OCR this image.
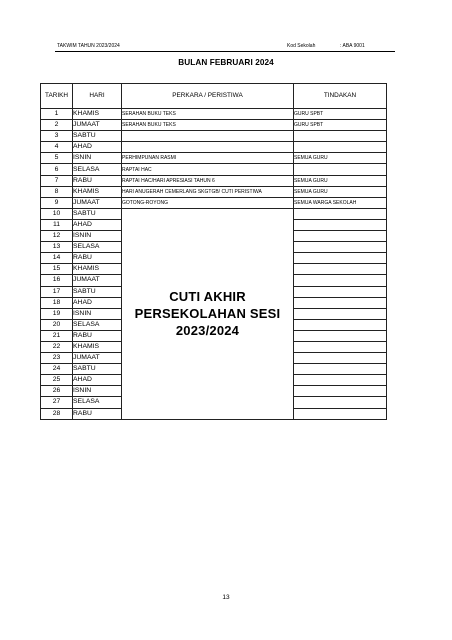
TAKWIM TAHUN 2023/2024	Kod Sekolah	: ABA 9001
BULAN FEBRUARI 2024
TARIKH	HARI	PERKARA / PERISTIWA	TINDAKAN
1	KHAMIS	SERAHAN BUKU TEKS	GURU SPBT
2	JUMAAT	SERAHAN BUKU TEKS	GURU SPBT
3	SABTU		
4	AHAD		
5	ISNIN	PERHIMPUNAN RASMI	SEMUA GURU
6	SELASA	RAPTAI HAC	
7	RABU	RAPTAI HAC/HARI APRESIASI TAHUN 6	SEMUA GURU
8	KHAMIS	HARI ANUGERAH CEMERLANG SKGTGB/ CUTI PERISTIWA	SEMUA GURU
9	JUMAAT	GOTONG-ROYONG	SEMUA WARGA SEKOLAH
10	SABTU	CUTI AKHIR
PERSEKOLAHAN SESI
2023/2024	

11	AHAD		
12	ISNIN		
13	SELASA		
14	RABU		
15	KHAMIS		
16	JUMAAT		
17	SABTU		
18	AHAD		
19	ISNIN		
20	SELASA		
21	RABU		
22	KHAMIS		
23	JUMAAT		
24	SABTU		
25	AHAD		
26	ISNIN		
27	SELASA		
28	RABU		
13
